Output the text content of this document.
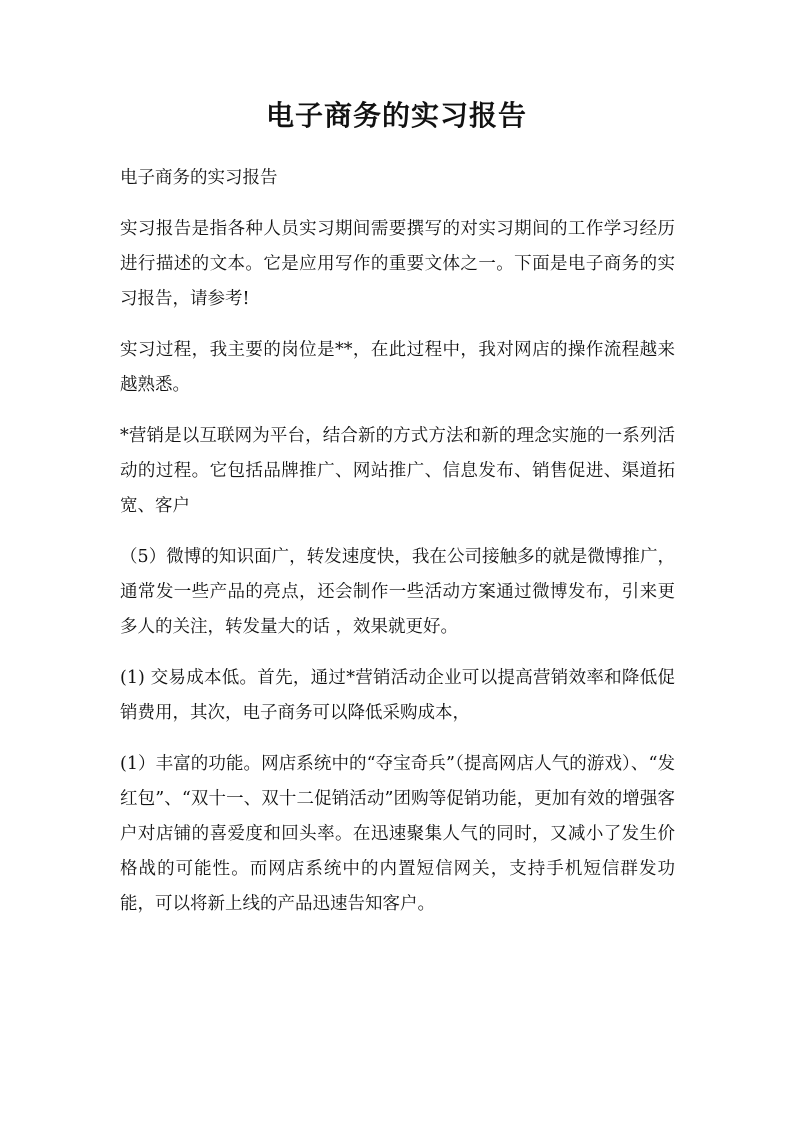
电子商务的实习报告

电子商务的实习报告

实习报告是指各种人员实习期间需要撰写的对实习期间的工作学习经历进行描述的文本。它是应用写作的重要文体之一。下面是电子商务的实习报告，请参考!

实习过程，我主要的岗位是**，在此过程中，我对网店的操作流程越来越熟悉。

*营销是以互联网为平台，结合新的方式方法和新的理念实施的一系列活动的过程。它包括品牌推广、网站推广、信息发布、销售促进、渠道拓宽、客户

（5）微博的知识面广，转发速度快，我在公司接触多的就是微博推广，通常发一些产品的亮点，还会制作一些活动方案通过微博发布，引来更多人的关注，转发量大的话 ，效果就更好。

(1) 交易成本低。首先，通过*营销活动企业可以提高营销效率和降低促销费用，其次，电子商务可以降低采购成本，

(1）丰富的功能。网店系统中的“夺宝奇兵”（提高网店人气的游戏）、“发红包”、“双十一、双十二促销活动”团购等促销功能，更加有效的增强客户对店铺的喜爱度和回头率。在迅速聚集人气的同时，又减小了发生价格战的可能性。而网店系统中的内置短信网关，支持手机短信群发功能，可以将新上线的产品迅速告知客户。
